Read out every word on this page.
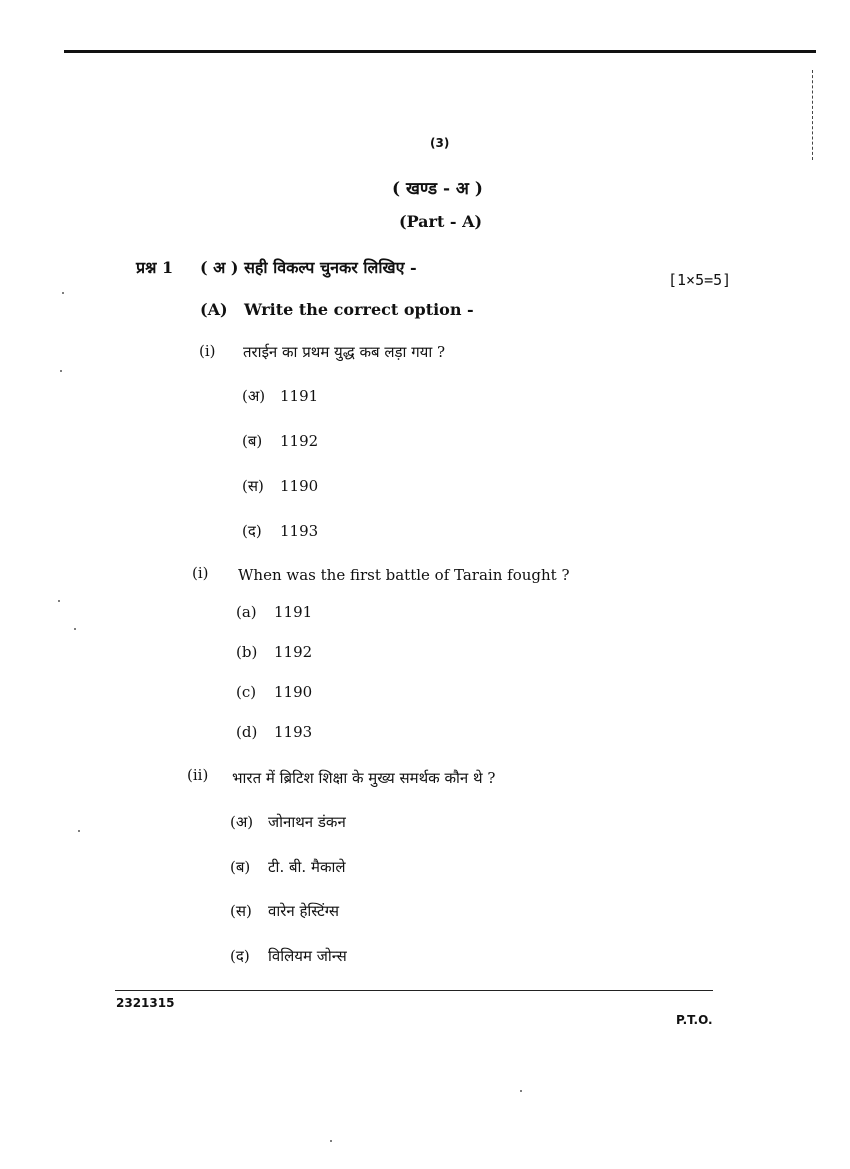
(3)
( खण्ड - अ )
(Part - A)
प्रश्न 1 ( अ ) सही विकल्प चुनकर लिखिए -
[1×5=5]
(A) Write the correct option -
(i) तराईन का प्रथम युद्ध कब लड़ा गया ?
(अ) 1191
(ब) 1192
(स) 1190
(द) 1193
(i) When was the first battle of Tarain fought ?
(a) 1191
(b) 1192
(c) 1190
(d) 1193
(ii) भारत में ब्रिटिश शिक्षा के मुख्य समर्थक कौन थे ?
(अ) जोनाथन डंकन
(ब) टी. बी. मैकाले
(स) वारेन हेस्टिंग्स
(द) विलियम जोन्स
2321315
P.T.O.
